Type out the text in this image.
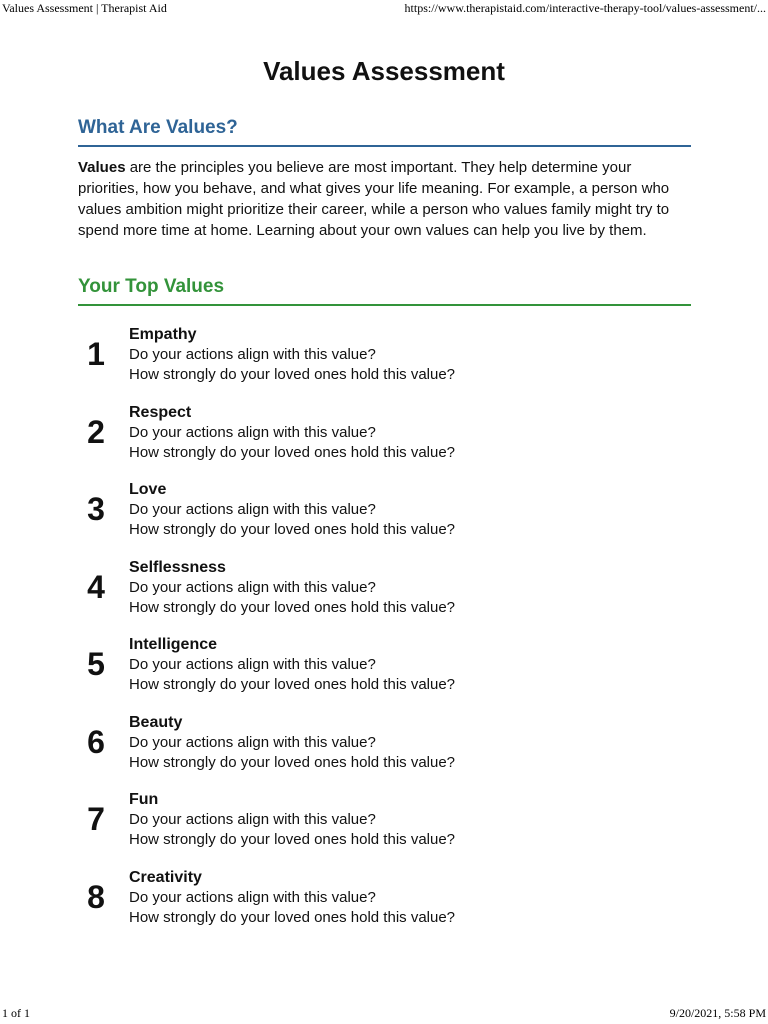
Values Assessment | Therapist Aid	https://www.therapistaid.com/interactive-therapy-tool/values-assessment/...
Values Assessment
What Are Values?

Values are the principles you believe are most important. They help determine your priorities, how you behave, and what gives your life meaning. For example, a person who values ambition might prioritize their career, while a person who values family might try to spend more time at home. Learning about your own values can help you live by them.

Your Top Values
1

Empathy

Do your actions align with this value?

How strongly do your loved ones hold this value?

2

Respect

Do your actions align with this value?

How strongly do your loved ones hold this value?

3

Love

Do your actions align with this value?

How strongly do your loved ones hold this value?

4

Selflessness

Do your actions align with this value?

How strongly do your loved ones hold this value?

5

Intelligence

Do your actions align with this value?

How strongly do your loved ones hold this value?

6

Beauty

Do your actions align with this value?

How strongly do your loved ones hold this value?

7

Fun

Do your actions align with this value?

How strongly do your loved ones hold this value?

8

Creativity

Do your actions align with this value?

How strongly do your loved ones hold this value?

1 of 1	9/20/2021, 5:58 PM
